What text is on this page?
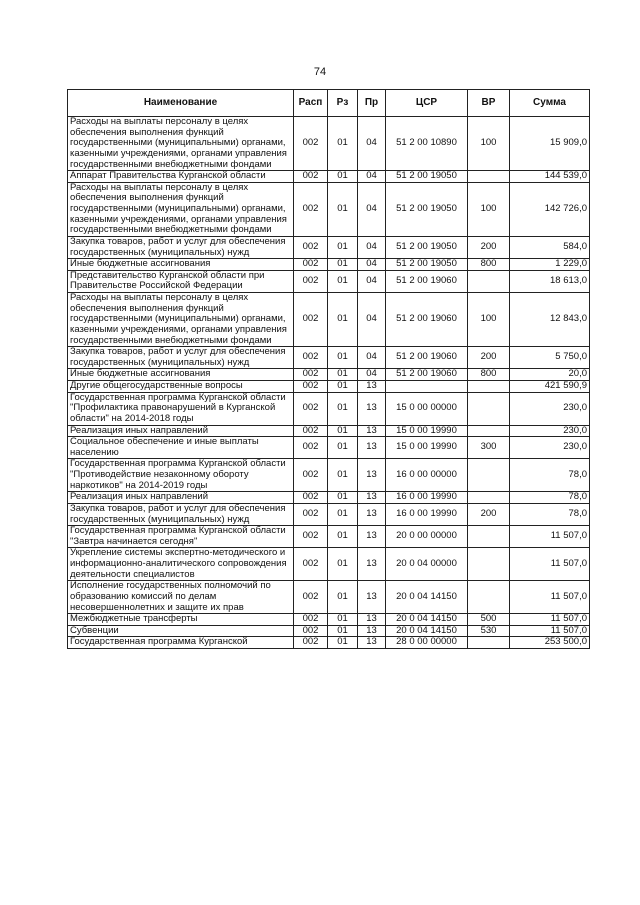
74
Наименование	Расп	Рз	Пр	ЦСР	ВР	Сумма
Расходы на выплаты персоналу в целях обеспечения выполнения функций государственными (муниципальными) органами, казенными учреждениями, органами управления государственными внебюджетными фондами	002	01	04	51 2 00 10890	100	15 909,0
Аппарат Правительства Курганской области	002	01	04	51 2 00 19050		144 539,0
Расходы на выплаты персоналу в целях обеспечения выполнения функций государственными (муниципальными) органами, казенными учреждениями, органами управления государственными внебюджетными фондами	002	01	04	51 2 00 19050	100	142 726,0
Закупка товаров, работ и услуг для обеспечения государственных (муниципальных) нужд	002	01	04	51 2 00 19050	200	584,0
Иные бюджетные ассигнования	002	01	04	51 2 00 19050	800	1 229,0
Представительство Курганской области при Правительстве Российской Федерации	002	01	04	51 2 00 19060		18 613,0
Расходы на выплаты персоналу в целях обеспечения выполнения функций государственными (муниципальными) органами, казенными учреждениями, органами управления государственными внебюджетными фондами	002	01	04	51 2 00 19060	100	12 843,0
Закупка товаров, работ и услуг для обеспечения государственных (муниципальных) нужд	002	01	04	51 2 00 19060	200	5 750,0
Иные бюджетные ассигнования	002	01	04	51 2 00 19060	800	20,0
Другие общегосударственные вопросы	002	01	13			421 590,9
Государственная программа Курганской области "Профилактика правонарушений в Курганской области" на 2014-2018 годы	002	01	13	15 0 00 00000		230,0
Реализация иных направлений	002	01	13	15 0 00 19990		230,0
Социальное обеспечение и иные выплаты населению	002	01	13	15 0 00 19990	300	230,0
Государственная программа Курганской области "Противодействие незаконному обороту наркотиков" на 2014-2019 годы	002	01	13	16 0 00 00000		78,0
Реализация иных направлений	002	01	13	16 0 00 19990		78,0
Закупка товаров, работ и услуг для обеспечения государственных (муниципальных) нужд	002	01	13	16 0 00 19990	200	78,0
Государственная программа Курганской области "Завтра начинается сегодня"	002	01	13	20 0 00 00000		11 507,0
Укрепление системы экспертно-методического и информационно-аналитического сопровождения деятельности специалистов	002	01	13	20 0 04 00000		11 507,0
Исполнение государственных полномочий по образованию комиссий по делам несовершеннолетних и защите их прав	002	01	13	20 0 04 14150		11 507,0
Межбюджетные трансферты	002	01	13	20 0 04 14150	500	11 507,0
Субвенции	002	01	13	20 0 04 14150	530	11 507,0
Государственная программа Курганской	002	01	13	28 0 00 00000		253 500,0
